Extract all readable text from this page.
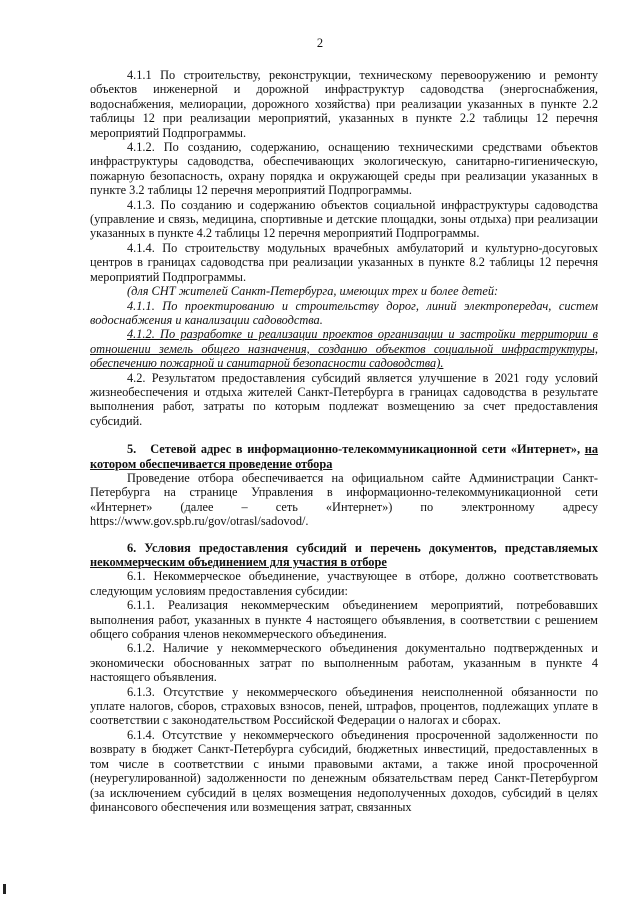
2

4.1.1 По строительству, реконструкции, техническому перевооружению и ремонту объектов инженерной и дорожной инфраструктур садоводства (энергоснабжения, водоснабжения, мелиорации, дорожного хозяйства) при реализации указанных в пункте 2.2 таблицы 12 при реализации мероприятий, указанных в пункте 2.2 таблицы 12 перечня мероприятий Подпрограммы.

4.1.2. По созданию, содержанию, оснащению техническими средствами объектов инфраструктуры садоводства, обеспечивающих экологическую, санитарно-гигиеническую, пожарную безопасность, охрану порядка и окружающей среды при реализации указанных в пункте 3.2 таблицы 12 перечня мероприятий Подпрограммы.

4.1.3. По созданию и содержанию объектов социальной инфраструктуры садоводства (управление и связь, медицина, спортивные и детские площадки, зоны отдыха) при реализации указанных в пункте 4.2 таблицы 12 перечня мероприятий Подпрограммы.

4.1.4. По строительству модульных врачебных амбулаторий и культурно-досуговых центров в границах садоводства при реализации указанных в пункте 8.2 таблицы 12 перечня мероприятий Подпрограммы.

(для СНТ жителей Санкт-Петербурга, имеющих трех и более детей:

4.1.1. По проектированию и строительству дорог, линий электропередач, систем водоснабжения и канализации садоводства.

4.1.2. По разработке и реализации проектов организации и застройки территории в отношении земель общего назначения, созданию объектов социальной инфраструктуры, обеспечению пожарной и санитарной безопасности садоводства).

4.2. Результатом предоставления субсидий является улучшение в 2021 году условий жизнеобеспечения и отдыха жителей Санкт-Петербурга в границах садоводства в результате выполнения работ, затраты по которым подлежат возмещению за счет предоставления субсидий.

5. Сетевой адрес в информационно-телекоммуникационной сети «Интернет», на котором обеспечивается проведение отбора

Проведение отбора обеспечивается на официальном сайте Администрации Санкт-Петербурга на странице Управления в информационно-телекоммуникационной сети «Интернет» (далее – сеть «Интернет») по электронному адресу https://www.gov.spb.ru/gov/otrasl/sadovod/.

6. Условия предоставления субсидий и перечень документов, представляемых некоммерческим объединением для участия в отборе

6.1. Некоммерческое объединение, участвующее в отборе, должно соответствовать следующим условиям предоставления субсидии:

6.1.1. Реализация некоммерческим объединением мероприятий, потребовавших выполнения работ, указанных в пункте 4 настоящего объявления, в соответствии с решением общего собрания членов некоммерческого объединения.

6.1.2. Наличие у некоммерческого объединения документально подтвержденных и экономически обоснованных затрат по выполненным работам, указанным в пункте 4 настоящего объявления.

6.1.3. Отсутствие у некоммерческого объединения неисполненной обязанности по уплате налогов, сборов, страховых взносов, пеней, штрафов, процентов, подлежащих уплате в соответствии с законодательством Российской Федерации о налогах и сборах.

6.1.4. Отсутствие у некоммерческого объединения просроченной задолженности по возврату в бюджет Санкт-Петербурга субсидий, бюджетных инвестиций, предоставленных в том числе в соответствии с иными правовыми актами, а также иной просроченной (неурегулированной) задолженности по денежным обязательствам перед Санкт-Петербургом (за исключением субсидий в целях возмещения недополученных доходов, субсидий в целях финансового обеспечения или возмещения затрат, связанных
